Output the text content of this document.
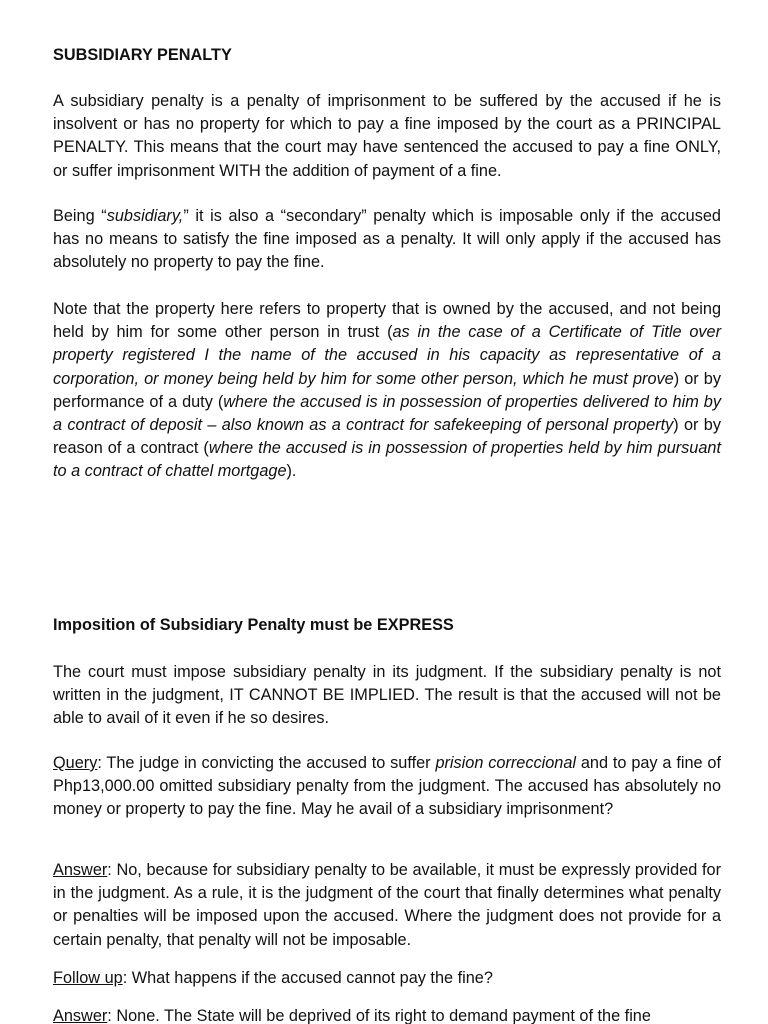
SUBSIDIARY PENALTY

A subsidiary penalty is a penalty of imprisonment to be suffered by the accused if he is insolvent or has no property for which to pay a fine imposed by the court as a PRINCIPAL PENALTY. This means that the court may have sentenced the accused to pay a fine ONLY, or suffer imprisonment WITH the addition of payment of a fine.

Being “subsidiary,” it is also a “secondary” penalty which is imposable only if the accused has no means to satisfy the fine imposed as a penalty. It will only apply if the accused has absolutely no property to pay the fine.

Note that the property here refers to property that is owned by the accused, and not being held by him for some other person in trust (as in the case of a Certificate of Title over property registered I the name of the accused in his capacity as representative of a corporation, or money being held by him for some other person, which he must prove) or by performance of a duty (where the accused is in possession of properties delivered to him by a contract of deposit – also known as a contract for safekeeping of personal property) or by reason of a contract (where the accused is in possession of properties held by him pursuant to a contract of chattel mortgage).

Imposition of Subsidiary Penalty must be EXPRESS

The court must impose subsidiary penalty in its judgment. If the subsidiary penalty is not written in the judgment, IT CANNOT BE IMPLIED. The result is that the accused will not be able to avail of it even if he so desires.

Query: The judge in convicting the accused to suffer prision correccional and to pay a fine of Php13,000.00 omitted subsidiary penalty from the judgment. The accused has absolutely no money or property to pay the fine. May he avail of a subsidiary imprisonment?

Answer: No, because for subsidiary penalty to be available, it must be expressly provided for in the judgment. As a rule, it is the judgment of the court that finally determines what penalty or penalties will be imposed upon the accused. Where the judgment does not provide for a certain penalty, that penalty will not be imposable.

Follow up: What happens if the accused cannot pay the fine?

Answer: None. The State will be deprived of its right to demand payment of the fine
